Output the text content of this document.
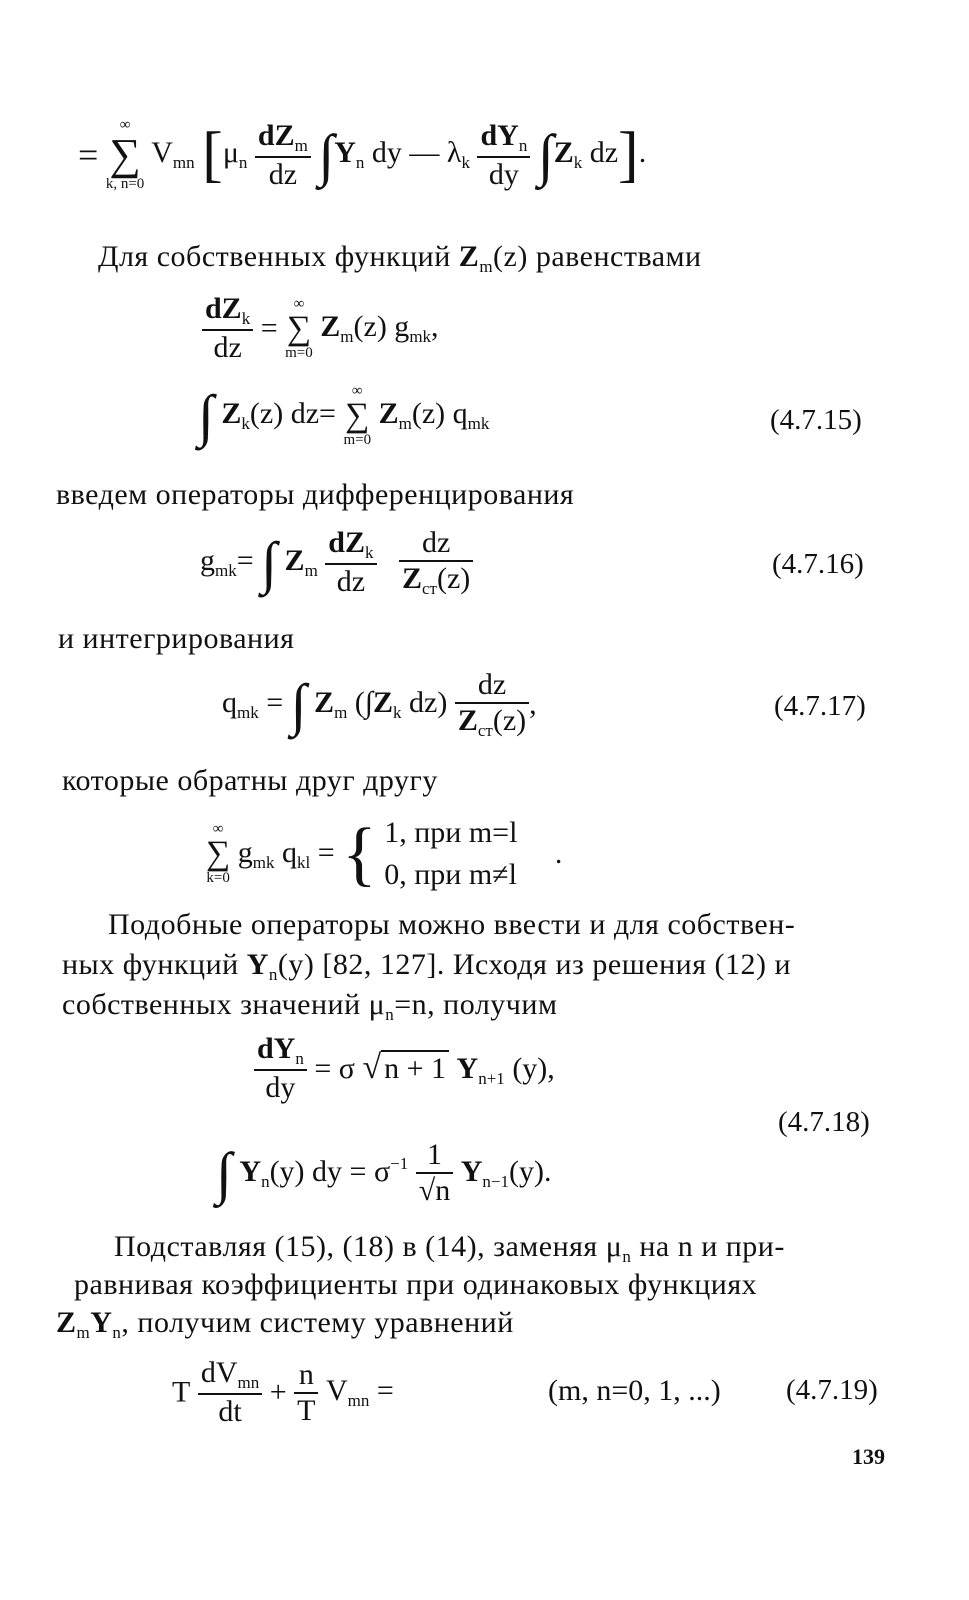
=
∞
∑
k, n=0
$V_{mn}$ [$\mu_n \frac{dZ_m}{dz} \int Y_n$ dy — $\lambda_k \frac{dY_n}{dy} \int Z_k$ dz].
Для собственных функций $Z_m(z)$ равенствами
$\frac{dZ_k}{dz}$ =
∞
∑
m=0
$Z_m(z)$ $g_{mk}$,
∫ $Z_k(z)$ dz=
∞
∑
m=0
$Z_m(z)$ $q_{mk}$	(4.7.15)
введем операторы дифференцирования
$g_{mk}=$ ∫ $Z_m \frac{dZ_k}{dz}$
$\frac{dz}{Z_{ст}(z)}$	(4.7.16)
и интегрирования
$q_{mk}$ = ∫ $Z_m$ ($\int Z_k$ $dz) \frac{dz}{Z_{ст}(z)}$ ,	(4.7.17)
которые обратны друг другу
∞
∑
k=0
$g_{mk}$ $q_{kl}$ = { 1, при m=l
0, при m≠l
.
Подобные операторы можно ввести и для собствен-
ных функций $Y_n(y)$ [82, 127]. Исходя из решения (12) и
собственных значений $\mu_n=n$, получим
$\frac{dY_n}{dy} = \sigma$ √ n + 1 $Y_{n+1}$ (y),
(4.7.18)
∫ $Y_n(y)$ dy = $\sigma^{-1} \frac{1}{√n} Y_{n-1}(y)$.
Подставляя (15), (18) в (14), заменяя $\mu_n$ на n и при-
равнивая коэффициенты при одинаковых функциях
$Z_mY_n$, получим систему уравнений
T $\frac{dV_{mn}}{dt} + \frac{n}{T} V_{mn}$ =	(m, n=0, 1, ...) (4.7.19)
139
